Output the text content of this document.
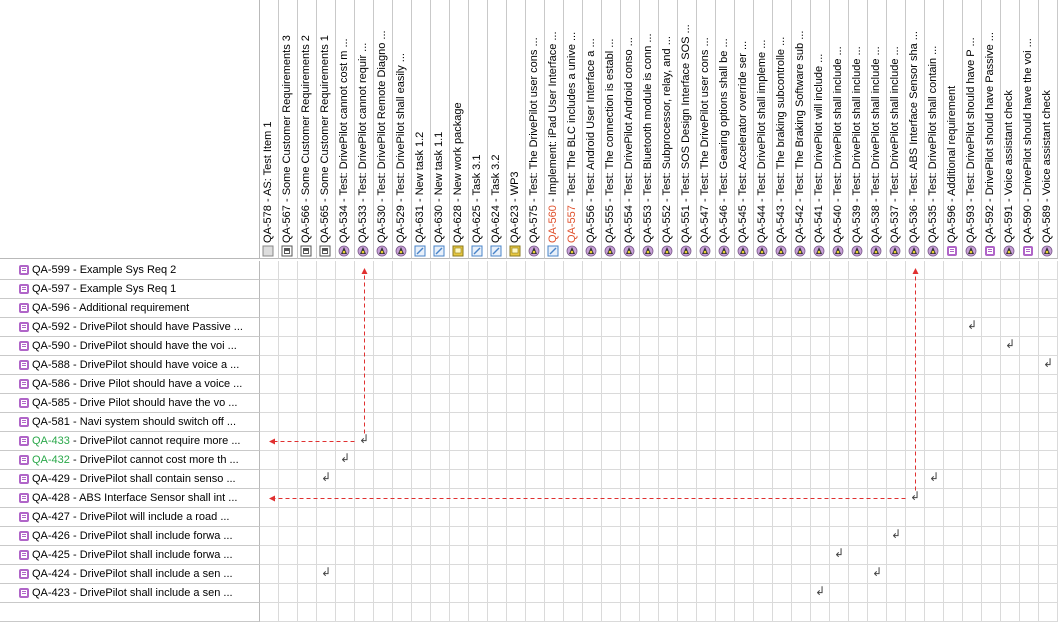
QA-578 - AS: Test Item 1
QA-567 - Some Customer Requirements 3
QA-566 - Some Customer Requirements 2
QA-565 - Some Customer Requirements 1
QA-534 - Test: DrivePilot cannot cost m ...
QA-533 - Test: DrivePilot cannot requir ...
QA-530 - Test: DrivePilot Remote Diagno ...
QA-529 - Test: DrivePilot shall easily ...
QA-631 - New task 1.2
QA-630 - New task 1.1
QA-628 - New work package
QA-625 - Task 3.1
QA-624 - Task 3.2
QA-623 - WP3
QA-575 - Test: The DrivePilot user cons ...
QA-560 - Implement: iPad User Interface ...
QA-557 - Test: The BLC includes a unive ...
QA-556 - Test: Android User Interface a ...
QA-555 - Test: The connection is establ ...
QA-554 - Test: DrivePilot Android conso ...
QA-553 - Test: Bluetooth module is conn ...
QA-552 - Test: Subprocessor, relay, and ...
QA-551 - Test: SOS Design Interface SOS ...
QA-547 - Test: The DrivePilot user cons ...
QA-546 - Test: Gearing options shall be ...
QA-545 - Test: Accelerator override ser ...
QA-544 - Test: DrivePilot shall impleme ...
QA-543 - Test: The braking subcontrolle ...
QA-542 - Test: The Braking Software sub ...
QA-541 - Test: DrivePilot will include ...
QA-540 - Test: DrivePilot shall include ...
QA-539 - Test: DrivePilot shall include ...
QA-538 - Test: DrivePilot shall include ...
QA-537 - Test: DrivePilot shall include ...
QA-536 - Test: ABS Interface Sensor sha ...
QA-535 - Test: DrivePilot shall contain ...
QA-596 - Additional requirement
QA-593 - Test: DrivePilot should have P ...
QA-592 - DrivePilot should have Passive ...
QA-591 - Voice assistant check
QA-590 - DrivePilot should have the voi ...
QA-589 - Voice assistant check
QA-599 - Example Sys Req 2
QA-597 - Example Sys Req 1
QA-596 - Additional requirement
QA-592 - DrivePilot should have Passive ...
QA-590 - DrivePilot should have the voi ...
QA-588 - DrivePilot should have voice a ...
QA-586 - Drive Pilot should have a voice ...
QA-585 - Drive Pilot should have the vo ...
QA-581 - Navi system should switch off ...
QA-433 - DrivePilot cannot require more ...
QA-432 - DrivePilot cannot cost more th ...
QA-429 - DrivePilot shall contain senso ...
QA-428 - ABS Interface Sensor shall int ...
QA-427 - DrivePilot will include a road ...
QA-426 - DrivePilot shall include forwa ...
QA-425 - DrivePilot shall include forwa ...
QA-424 - DrivePilot shall include a sen ...
QA-423 - DrivePilot shall include a sen ...
↲
↲
↲
↲
↲
↲	↲
↲
↲
↲
↲	↲
↲
